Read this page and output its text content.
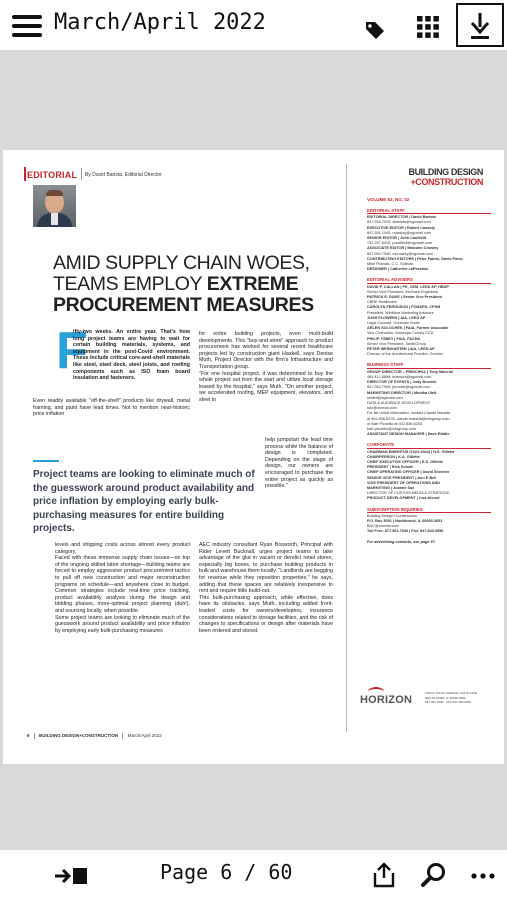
March/April 2022
EDITORIAL By David Barista, Editorial Director
AMID SUPPLY CHAIN WOES,
TEAMS EMPLOY EXTREME
PROCUREMENT MEASURES
F
ifty-two weeks. An entire year. That's how long project teams are having to wait for certain building materials, systems, and equipment in the post-Covid environment. These include critical core-and-shell materials like steel, steel deck, steel joists, and roofing components such as ISO foam board insulation and fasteners.
Even readily available "off-the-shelf" products like drywall, metal framing, and paint have lead times. Not to mention near-historic price inflation
Project teams are looking to eliminate much of the guesswork around product availability and price inflation by employing early bulk-purchasing measures for entire building projects.
levels and shipping costs across almost every product category.
Faced with these immense supply chain issues—on top of the ongoing skilled labor shortage—building teams are forced to employ aggressive product procurement tactics to pull off new construction and major reconstruction programs on schedule—and anywhere close to budget. Common strategies include real-time price tracking, product availability analysis during the design and bidding phases, more-optimal project planning (duh!), and sourcing locally, when possible.
Some project teams are looking to eliminate much of the guesswork around product availability and price inflation by employing early bulk-purchasing measures
for entire building projects, even multi-build developments. This "buy-and-store" approach to product procurement has worked for several recent healthcare projects led by construction giant Haskell, says Denise Muth, Project Director with the firm's Infrastructure and Transportation group.
"For one hospital project, it was determined to buy the whole project out from the start and utilize local storage leased by the hospital," says Muth. "On another project, we accelerated roofing, MEP equipment, elevators, and steel to
help jumpstart the lead time process while the balance of design is completed. Depending on the stage of design, our owners are encouraged to purchase the entire project as quickly as possible."
AEC industry consultant Ryan Bosworth, Principal with Rider Levett Bucknall, urges project teams to take advantage of the glut in vacant or derelict retail stores, especially big boxes, to purchase building products in bulk and warehouse them locally. "Landlords are begging for revenue while they reposition properties," he says, adding that these spaces are relatively inexpensive to rent and require little build-out.
This bulk-purchasing approach, while effective, does have its obstacles, says Muth, including added front-loaded costs for owners/developers, insurance considerations related to storage facilities, and the risk of changes to specifications or design after materials have been ordered and stored.
6 BUILDING DESIGN+CONSTRUCTION March/April 2022
BUILDING DESIGN
+CONSTRUCTION
VOLUME 63, NO. 02
EDITORIAL STAFF
EDITORIAL DIRECTOR | David Barista
847.954.7929; dbarista@sgcmail.com
EXECUTIVE EDITOR | Robert Cassidy
847.391.1040; rcassidy@sgcmail.com
SENIOR EDITOR | John Caulfield
732.257.6319; jcaulfield@sgcmail.com
ASSOCIATE EDITOR | Malcolm Crowley
847.954.7940; mcrowley@sgcmail.com
CONTRIBUTING EDITORS | Peter Fabris, David Pavie,
Mike Plotnick, C.C. Sullivan
DESIGNER | Catherine LaPeschke
EDITORIAL ADVISERS
DAVID P. CALLAN | PE, CEM, LEED AP, HBDP
Senior Vice President, McGuire Engineers
PATRICK E. DUKE | Senior Vice President
CBRE Healthcare
CAROLYN FERGUSON | FCMAPS, CPSM
President, WinMore Marketing Advisors
JOSH FLOWERS | AIA, LEED AP
Legal Counsel, Gresham Smith
ARLEN SOLOCHEK | FAIA, Former Associate
Vice Chancellor, Maricopa County CCD
PHILIP TOBEY | FAIA, FACHA
Senior Vice President, SmithGroup
PETER WEINGARTEN | AIA, LEED AP
Director of the Architectural Practice, Gensler
BUSINESS STAFF
GROUP DIRECTOR – PRINCIPAL | Tony Mancini
484.412.8686; tmancini@sgcmail.com
DIRECTOR OF EVENTS | Judy Brociek
847.954.7940; jbrociek@sgcmail.com
MARKETING DIRECTOR | Monika Ulelt
mlillett@sgcmail.com
DATA & AUDIENCE DEVELOPMENT
bdc@omeda.com
For list rental information, contact Claude Marada
at 402.836.6278, claude.marada@infogroup.com
or Bart Piccirillo at 402.836.6283,
bart.piccirillo@infogroup.com
ASSISTANT DESIGN MANAGER | Dave Riddle
CORPORATE
CHAIRMAN EMERITUS (1922-2002) | H.S. Gillette
CHAIRPERSON | K.A. Gillette
CHIEF EXECUTIVE OFFICER | E.S. Gillette
PRESIDENT | Rick Schott
CHIEF OPERATING OFFICER | David Shreiner
SENIOR VICE PRESIDENT | Ann E Bell
VICE PRESIDENT OF OPERATIONS AND
MARKETING | Joanne Sax
DIRECTOR OF CUSTOM MEDIA & STRATEGIC
PRODUCT DEVELOPMENT | Lisa Alvord
SUBSCRIPTION INQUIRIES
Building Design+Construction
P.O. Box 3051 | Northbrook, IL 60065-3051
BDC@omeda.com
Toll Free: 877.501.7540 | Fax: 847.843.3956
For advertising contacts, see page 57.
HORIZON
1350 E TOUHY AVENUE, SUITE 140E
DES PLAINES, IL 60018-3303
847.391.1000 · FAX 847.390.0408
Page 6 / 60
